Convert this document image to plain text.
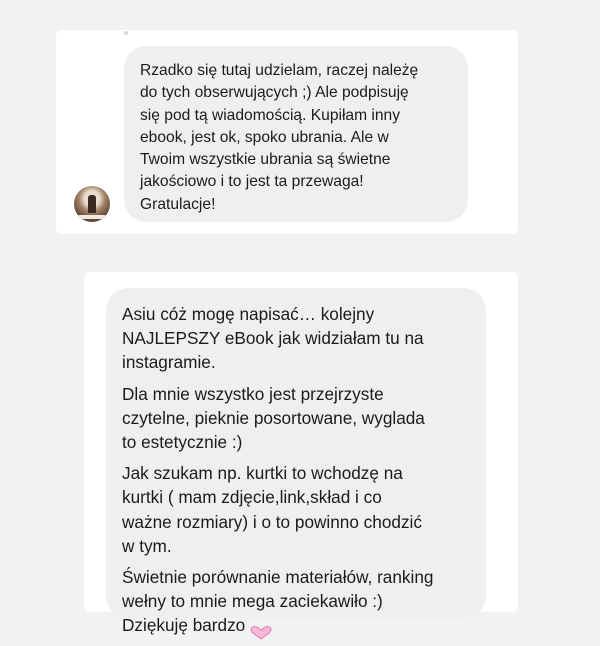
Rzadko się tutaj udzielam, raczej należę
do tych obserwujących ;) Ale podpisuję
się pod tą wiadomością. Kupiłam inny
ebook, jest ok, spoko ubrania. Ale w
Twoim wszystkie ubrania są świetne
jakościowo i to jest ta przewaga!
Gratulacje!
Asiu cóż mogę napisać… kolejny
NAJLEPSZY eBook jak widziałam tu na
instagramie.
Dla mnie wszystko jest przejrzyste
czytelne, pieknie posortowane, wyglada
to estetycznie :)
Jak szukam np. kurtki to wchodzę na
kurtki ( mam zdjęcie,link,skład i co
ważne rozmiary) i o to powinno chodzić
w tym.
Świetnie porównanie materiałów, ranking
wełny to mnie mega zaciekawiło :)
Dziękuję bardzo
